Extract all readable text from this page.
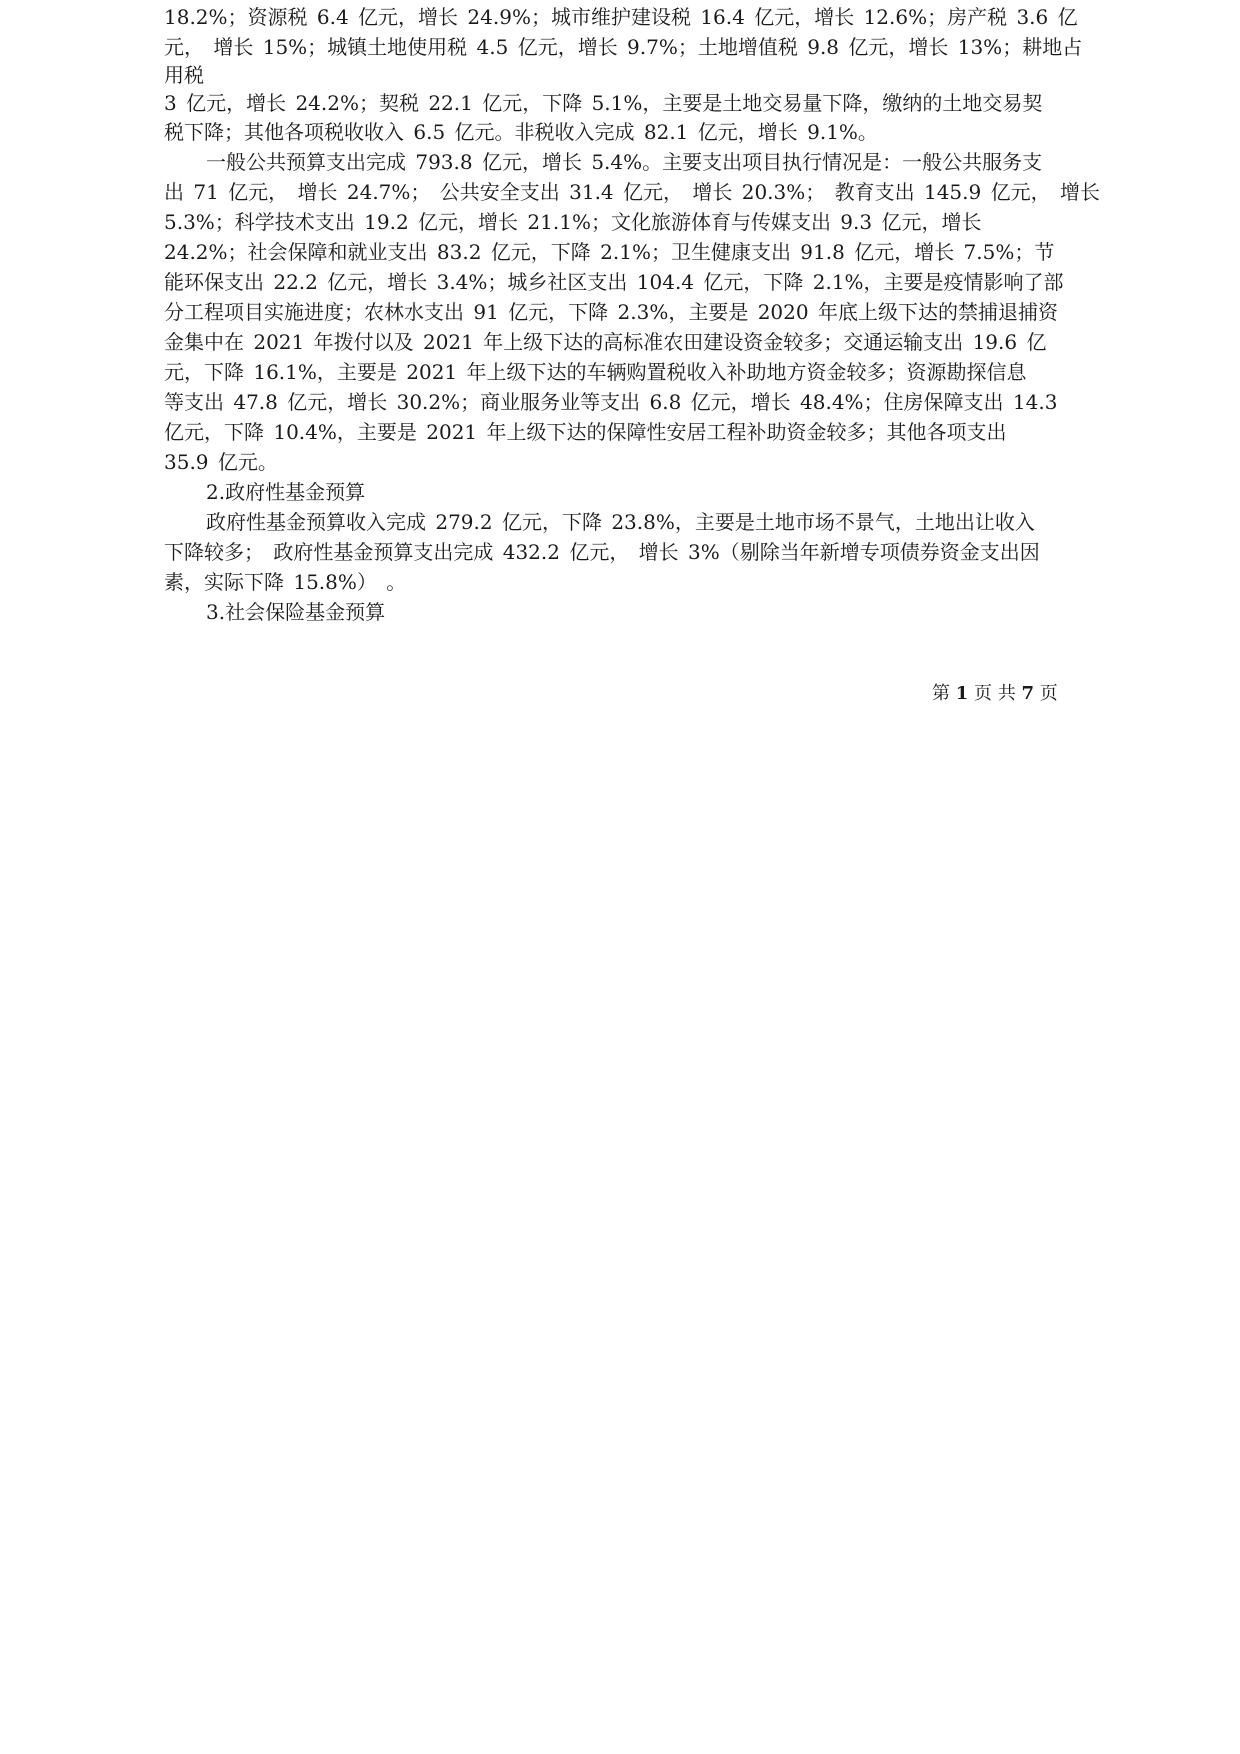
18.2%；资源税 6.4 亿元，增长 24.9%；城市维护建设税 16.4 亿元，增长 12.6%；房产税 3.6 亿
元， 增长 15%；城镇土地使用税 4.5 亿元，增长 9.7%；土地增值税 9.8 亿元，增长 13%；耕地占
用税
3 亿元，增长 24.2%；契税 22.1 亿元，下降 5.1%，主要是土地交易量下降，缴纳的土地交易契
税下降；其他各项税收收入 6.5 亿元。非税收入完成 82.1 亿元，增长 9.1%。
一般公共预算支出完成 793.8 亿元，增长 5.4%。主要支出项目执行情况是：一般公共服务支
出 71 亿元， 增长 24.7%； 公共安全支出 31.4 亿元， 增长 20.3%； 教育支出 145.9 亿元， 增长
5.3%；科学技术支出 19.2 亿元，增长 21.1%；文化旅游体育与传媒支出 9.3 亿元，增长
24.2%；社会保障和就业支出 83.2 亿元，下降 2.1%；卫生健康支出 91.8 亿元，增长 7.5%；节
能环保支出 22.2 亿元，增长 3.4%；城乡社区支出 104.4 亿元，下降 2.1%，主要是疫情影响了部
分工程项目实施进度；农林水支出 91 亿元，下降 2.3%，主要是 2020 年底上级下达的禁捕退捕资
金集中在 2021 年拨付以及 2021 年上级下达的高标准农田建设资金较多；交通运输支出 19.6 亿
元，下降 16.1%，主要是 2021 年上级下达的车辆购置税收入补助地方资金较多；资源勘探信息
等支出 47.8 亿元，增长 30.2%；商业服务业等支出 6.8 亿元，增长 48.4%；住房保障支出 14.3
亿元，下降 10.4%，主要是 2021 年上级下达的保障性安居工程补助资金较多；其他各项支出
35.9 亿元。
2.政府性基金预算
政府性基金预算收入完成 279.2 亿元，下降 23.8%，主要是土地市场不景气，土地出让收入
下降较多； 政府性基金预算支出完成 432.2 亿元， 增长 3%（剔除当年新增专项债券资金支出因
素，实际下降 15.8%） 。
3.社会保险基金预算
第 1 页 共 7 页
